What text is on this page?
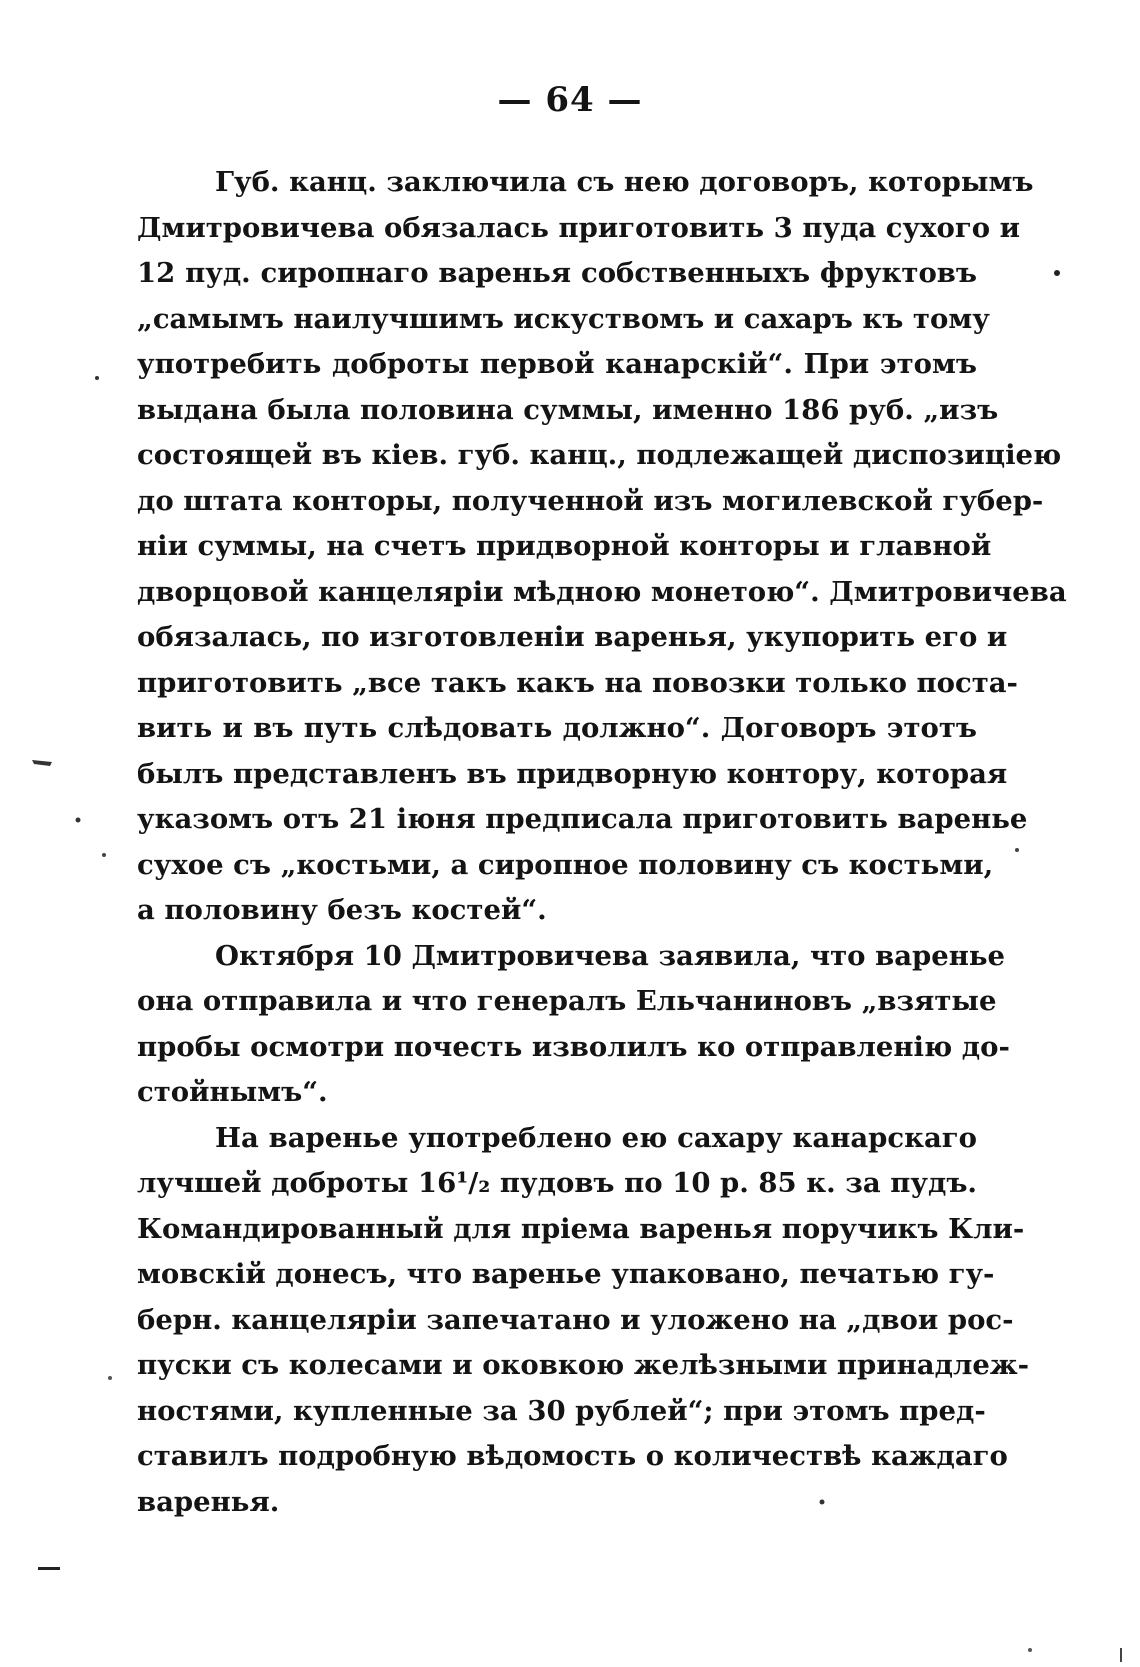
— 64 —
Губ. канц. заключила съ нею договоръ, которымъ
Дмитровичева обязалась приготовить 3 пуда сухого и
12 пуд. сиропнаго варенья собственныхъ фруктовъ
„самымъ наилучшимъ искуствомъ и сахаръ къ тому
употребить доброты первой канарскій“. При этомъ
выдана была половина суммы, именно 186 руб. „изъ
состоящей въ кіев. губ. канц., подлежащей диспозиціею
до штата конторы, полученной изъ могилевской губер-
ніи суммы, на счетъ придворной конторы и главной
дворцовой канцеляріи мѣдною монетою“. Дмитровичева
обязалась, по изготовленіи варенья, укупорить его и
приготовить „все такъ какъ на повозки только поста-
вить и въ путь слѣдовать должно“. Договоръ этотъ
былъ представленъ въ придворную контору, которая
указомъ отъ 21 іюня предписала приготовить варенье
сухое съ „костьми, а сиропное половину съ костьми,
а половину безъ костей“.
Октября 10 Дмитровичева заявила, что варенье
она отправила и что генералъ Ельчаниновъ „взятые
пробы осмотри почесть изволилъ ко отправленію до-
стойнымъ“.
На варенье употреблено ею сахару канарскаго
лучшей доброты 16¹/₂ пудовъ по 10 р. 85 к. за пудъ.
Командированный для пріема варенья поручикъ Кли-
мовскій донесъ, что варенье упаковано, печатью гу-
берн. канцеляріи запечатано и уложено на „двои рос-
пуски съ колесами и оковкою желѣзными принадлеж-
ностями, купленные за 30 рублей“; при этомъ пред-
ставилъ подробную вѣдомость о количествѣ каждаго
варенья.
